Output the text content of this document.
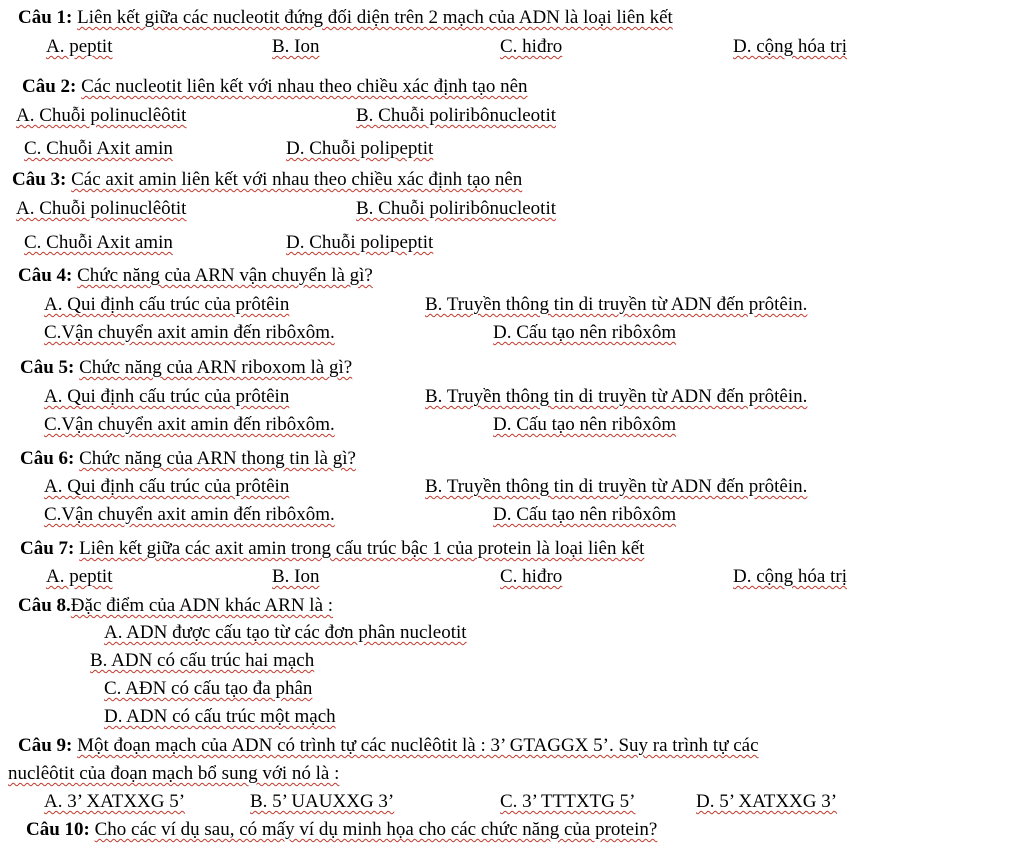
Câu 1: Liên kết giữa các nucleotit đứng đối diện trên 2 mạch của ADN là loại liên kết
A. peptit	B. Ion	C. hiđro	D. cộng hóa trị
Câu 2: Các nucleotit liên kết với nhau theo chiều xác định tạo nên
A. Chuỗi polinuclêôtit	B. Chuỗi poliribônucleotit
C. Chuỗi Axit amin	D. Chuỗi polipeptit
Câu 3: Các axit amin liên kết với nhau theo chiều xác định tạo nên
A. Chuỗi polinuclêôtit	B. Chuỗi poliribônucleotit
C. Chuỗi Axit amin	D. Chuỗi polipeptit
Câu 4: Chức năng của ARN vận chuyển là gì?
A. Qui định cấu trúc của prôtêin	B. Truyền thông tin di truyền từ ADN đến prôtêin.
C.Vận chuyển axit amin đến ribôxôm.	D. Cấu tạo nên ribôxôm
Câu 5: Chức năng của ARN riboxom là gì?
A. Qui định cấu trúc của prôtêin	B. Truyền thông tin di truyền từ ADN đến prôtêin.
C.Vận chuyển axit amin đến ribôxôm.	D. Cấu tạo nên ribôxôm
Câu 6: Chức năng của ARN thong tin là gì?
A. Qui định cấu trúc của prôtêin	B. Truyền thông tin di truyền từ ADN đến prôtêin.
C.Vận chuyển axit amin đến ribôxôm.	D. Cấu tạo nên ribôxôm
Câu 7: Liên kết giữa các axit amin trong cấu trúc bậc 1 của protein là loại liên kết
A. peptit	B. Ion	C. hiđro	D. cộng hóa trị
Câu 8.Đặc điểm của ADN khác ARN là :
A. ADN được cấu tạo từ các đơn phân nucleotit
B. ADN có cấu trúc hai mạch
C. AĐN có cấu tạo đa phân
D. ADN có cấu trúc một mạch
Câu 9: Một đoạn mạch của ADN có trình tự các nuclêôtit là : 3’ GTAGGX 5’. Suy ra trình tự các
nuclêôtit của đoạn mạch bổ sung với nó là :
A. 3’ XATXXG 5’	B. 5’ UAUXXG 3’	C. 3’ TTTXTG 5’	D. 5’ XATXXG 3’
Câu 10: Cho các ví dụ sau, có mấy ví dụ minh họa cho các chức năng của protein?
